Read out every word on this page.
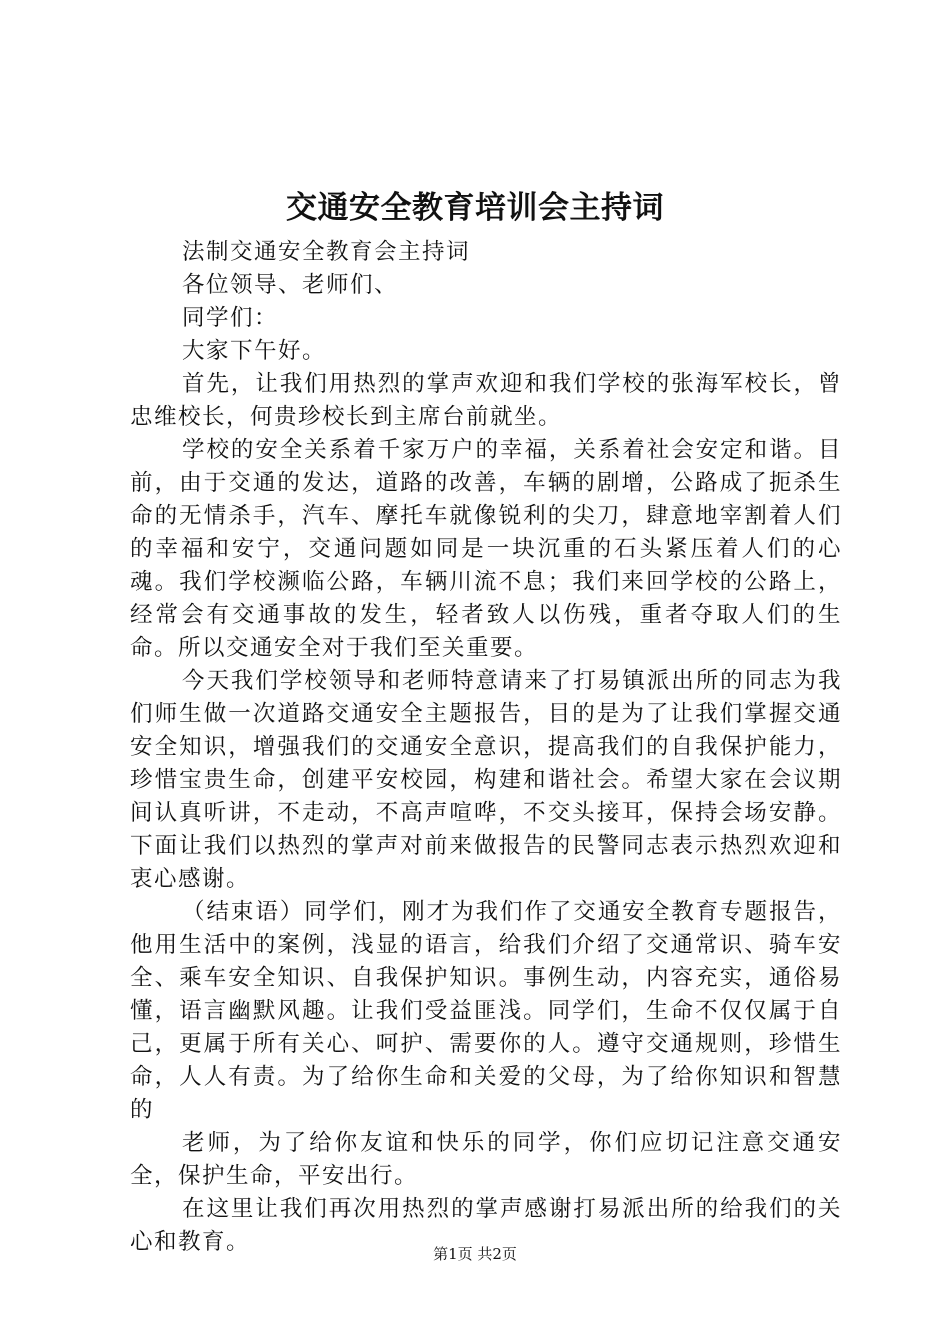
交通安全教育培训会主持词

法制交通安全教育会主持词

各位领导、老师们、

同学们：

大家下午好。

首先，让我们用热烈的掌声欢迎和我们学校的张海军校长，曾忠维校长，何贵珍校长到主席台前就坐。

学校的安全关系着千家万户的幸福，关系着社会安定和谐。目前，由于交通的发达，道路的改善，车辆的剧增，公路成了扼杀生命的无情杀手，汽车、摩托车就像锐利的尖刀，肆意地宰割着人们的幸福和安宁，交通问题如同是一块沉重的石头紧压着人们的心魂。我们学校濒临公路，车辆川流不息；我们来回学校的公路上，经常会有交通事故的发生，轻者致人以伤残，重者夺取人们的生命。所以交通安全对于我们至关重要。

今天我们学校领导和老师特意请来了打易镇派出所的同志为我们师生做一次道路交通安全主题报告，目的是为了让我们掌握交通安全知识，增强我们的交通安全意识，提高我们的自我保护能力，珍惜宝贵生命，创建平安校园，构建和谐社会。希望大家在会议期间认真听讲，不走动，不高声喧哗，不交头接耳，保持会场安静。下面让我们以热烈的掌声对前来做报告的民警同志表示热烈欢迎和衷心感谢。

（结束语）同学们，刚才为我们作了交通安全教育专题报告，他用生活中的案例，浅显的语言，给我们介绍了交通常识、骑车安全、乘车安全知识、自我保护知识。事例生动，内容充实，通俗易懂，语言幽默风趣。让我们受益匪浅。同学们，生命不仅仅属于自己，更属于所有关心、呵护、需要你的人。遵守交通规则，珍惜生命，人人有责。为了给你生命和关爱的父母，为了给你知识和智慧的

老师，为了给你友谊和快乐的同学，你们应切记注意交通安全，保护生命，平安出行。

在这里让我们再次用热烈的掌声感谢打易派出所的给我们的关心和教育。	第1页 共2页
